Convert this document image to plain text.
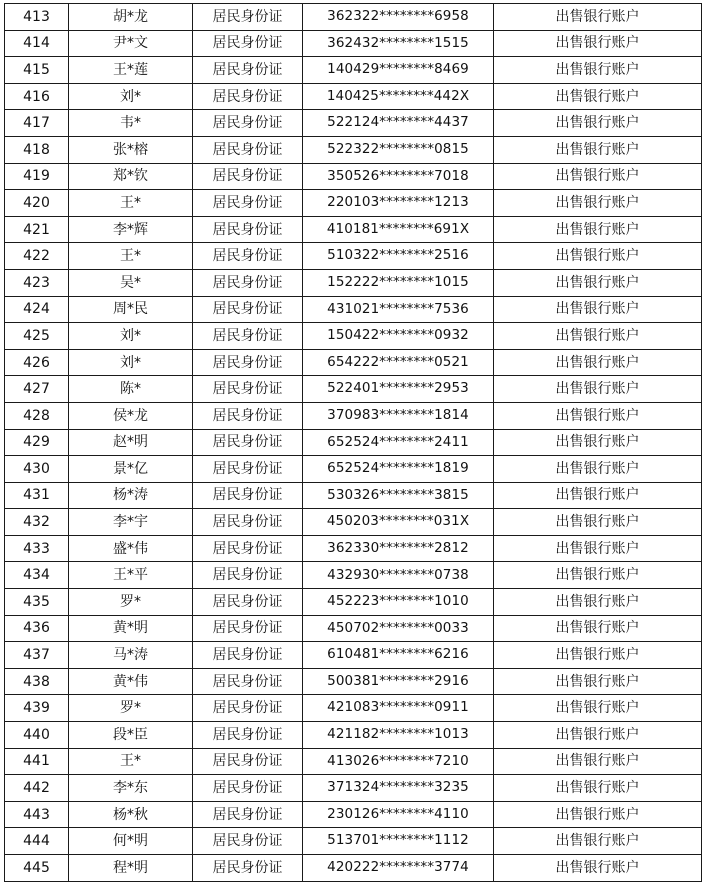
413	胡*龙	居民身份证	362322********6958	出售银行账户
414	尹*文	居民身份证	362432********1515	出售银行账户
415	王*莲	居民身份证	140429********8469	出售银行账户
416	刘*	居民身份证	140425********442X	出售银行账户
417	韦*	居民身份证	522124********4437	出售银行账户
418	张*榕	居民身份证	522322********0815	出售银行账户
419	郑*钦	居民身份证	350526********7018	出售银行账户
420	王*	居民身份证	220103********1213	出售银行账户
421	李*辉	居民身份证	410181********691X	出售银行账户
422	王*	居民身份证	510322********2516	出售银行账户
423	吴*	居民身份证	152222********1015	出售银行账户
424	周*民	居民身份证	431021********7536	出售银行账户
425	刘*	居民身份证	150422********0932	出售银行账户
426	刘*	居民身份证	654222********0521	出售银行账户
427	陈*	居民身份证	522401********2953	出售银行账户
428	侯*龙	居民身份证	370983********1814	出售银行账户
429	赵*明	居民身份证	652524********2411	出售银行账户
430	景*亿	居民身份证	652524********1819	出售银行账户
431	杨*涛	居民身份证	530326********3815	出售银行账户
432	李*宇	居民身份证	450203********031X	出售银行账户
433	盛*伟	居民身份证	362330********2812	出售银行账户
434	王*平	居民身份证	432930********0738	出售银行账户
435	罗*	居民身份证	452223********1010	出售银行账户
436	黄*明	居民身份证	450702********0033	出售银行账户
437	马*涛	居民身份证	610481********6216	出售银行账户
438	黄*伟	居民身份证	500381********2916	出售银行账户
439	罗*	居民身份证	421083********0911	出售银行账户
440	段*臣	居民身份证	421182********1013	出售银行账户
441	王*	居民身份证	413026********7210	出售银行账户
442	李*东	居民身份证	371324********3235	出售银行账户
443	杨*秋	居民身份证	230126********4110	出售银行账户
444	何*明	居民身份证	513701********1112	出售银行账户
445	程*明	居民身份证	420222********3774	出售银行账户
